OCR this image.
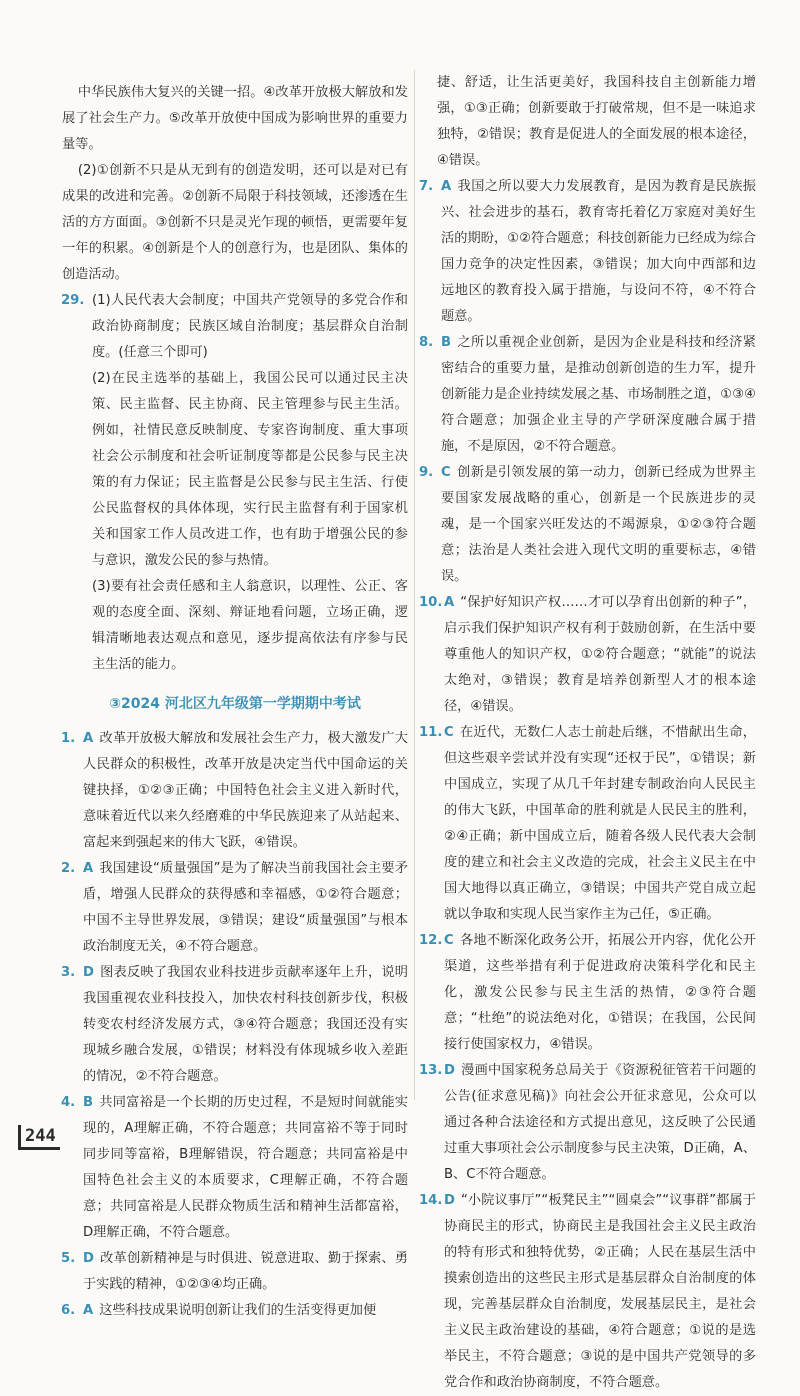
中华民族伟大复兴的关键一招。④改革开放极大解放和发展了社会生产力。⑤改革开放使中国成为影响世界的重要力量等。

(2)①创新不只是从无到有的创造发明，还可以是对已有成果的改进和完善。②创新不局限于科技领域，还渗透在生活的方方面面。③创新不只是灵光乍现的顿悟，更需要年复一年的积累。④创新是个人的创意行为，也是团队、集体的创造活动。

29. (1)人民代表大会制度；中国共产党领导的多党合作和政治协商制度；民族区域自治制度；基层群众自治制度。(任意三个即可)

(2)在民主选举的基础上，我国公民可以通过民主决策、民主监督、民主协商、民主管理参与民主生活。例如，社情民意反映制度、专家咨询制度、重大事项社会公示制度和社会听证制度等都是公民参与民主决策的有力保证；民主监督是公民参与民主生活、行使公民监督权的具体体现，实行民主监督有利于国家机关和国家工作人员改进工作，也有助于增强公民的参与意识，激发公民的参与热情。

(3)要有社会责任感和主人翁意识，以理性、公正、客观的态度全面、深刻、辩证地看问题，立场正确，逻辑清晰地表达观点和意见，逐步提高依法有序参与民主生活的能力。

③2024 河北区九年级第一学期期中考试
1. A 改革开放极大解放和发展社会生产力，极大激发广大人民群众的积极性，改革开放是决定当代中国命运的关键抉择，①②③正确；中国特色社会主义进入新时代，意味着近代以来久经磨难的中华民族迎来了从站起来、富起来到强起来的伟大飞跃，④错误。
2. A 我国建设“质量强国”是为了解决当前我国社会主要矛盾，增强人民群众的获得感和幸福感，①②符合题意；中国不主导世界发展，③错误；建设“质量强国”与根本政治制度无关，④不符合题意。
3. D 图表反映了我国农业科技进步贡献率逐年上升，说明我国重视农业科技投入，加快农村科技创新步伐，积极转变农村经济发展方式，③④符合题意；我国还没有实现城乡融合发展，①错误；材料没有体现城乡收入差距的情况，②不符合题意。
4. B 共同富裕是一个长期的历史过程，不是短时间就能实现的，A理解正确，不符合题意；共同富裕不等于同时同步同等富裕，B理解错误，符合题意；共同富裕是中国特色社会主义的本质要求，C理解正确，不符合题意；共同富裕是人民群众物质生活和精神生活都富裕，D理解正确，不符合题意。
5. D 改革创新精神是与时俱进、锐意进取、勤于探索、勇于实践的精神，①②③④均正确。
6. A 这些科技成果说明创新让我们的生活变得更加便

捷、舒适，让生活更美好，我国科技自主创新能力增强，①③正确；创新要敢于打破常规，但不是一味追求独特，②错误；教育是促进人的全面发展的根本途径，④错误。

7. A 我国之所以要大力发展教育，是因为教育是民族振兴、社会进步的基石，教育寄托着亿万家庭对美好生活的期盼，①②符合题意；科技创新能力已经成为综合国力竞争的决定性因素，③错误；加大向中西部和边远地区的教育投入属于措施，与设问不符，④不符合题意。
8. B 之所以重视企业创新，是因为企业是科技和经济紧密结合的重要力量，是推动创新创造的生力军，提升创新能力是企业持续发展之基、市场制胜之道，①③④符合题意；加强企业主导的产学研深度融合属于措施，不是原因，②不符合题意。
9. C 创新是引领发展的第一动力，创新已经成为世界主要国家发展战略的重心，创新是一个民族进步的灵魂，是一个国家兴旺发达的不竭源泉，①②③符合题意；法治是人类社会进入现代文明的重要标志，④错误。
10. A “保护好知识产权……才可以孕育出创新的种子”，启示我们保护知识产权有利于鼓励创新，在生活中要尊重他人的知识产权，①②符合题意；“就能”的说法太绝对，③错误；教育是培养创新型人才的根本途径，④错误。
11. C 在近代，无数仁人志士前赴后继，不惜献出生命，但这些艰辛尝试并没有实现“还权于民”，①错误；新中国成立，实现了从几千年封建专制政治向人民民主的伟大飞跃，中国革命的胜利就是人民民主的胜利，②④正确；新中国成立后，随着各级人民代表大会制度的建立和社会主义改造的完成，社会主义民主在中国大地得以真正确立，③错误；中国共产党自成立起就以争取和实现人民当家作主为己任，⑤正确。
12. C 各地不断深化政务公开，拓展公开内容，优化公开渠道，这些举措有利于促进政府决策科学化和民主化，激发公民参与民主生活的热情，②③符合题意；“杜绝”的说法绝对化，①错误；在我国，公民间接行使国家权力，④错误。
13. D 漫画中国家税务总局关于《资源税征管若干问题的公告(征求意见稿)》向社会公开征求意见，公众可以通过各种合法途径和方式提出意见，这反映了公民通过重大事项社会公示制度参与民主决策，D正确，A、B、C不符合题意。
14. D “小院议事厅”“板凳民主”“圆桌会”“议事群”都属于协商民主的形式，协商民主是我国社会主义民主政治的特有形式和独特优势，②正确；人民在基层生活中摸索创造出的这些民主形式是基层群众自治制度的体现，完善基层群众自治制度，发展基层民主，是社会主义民主政治建设的基础，④符合题意；①说的是选举民主，不符合题意；③说的是中国共产党领导的多党合作和政治协商制度，不符合题意。
244
